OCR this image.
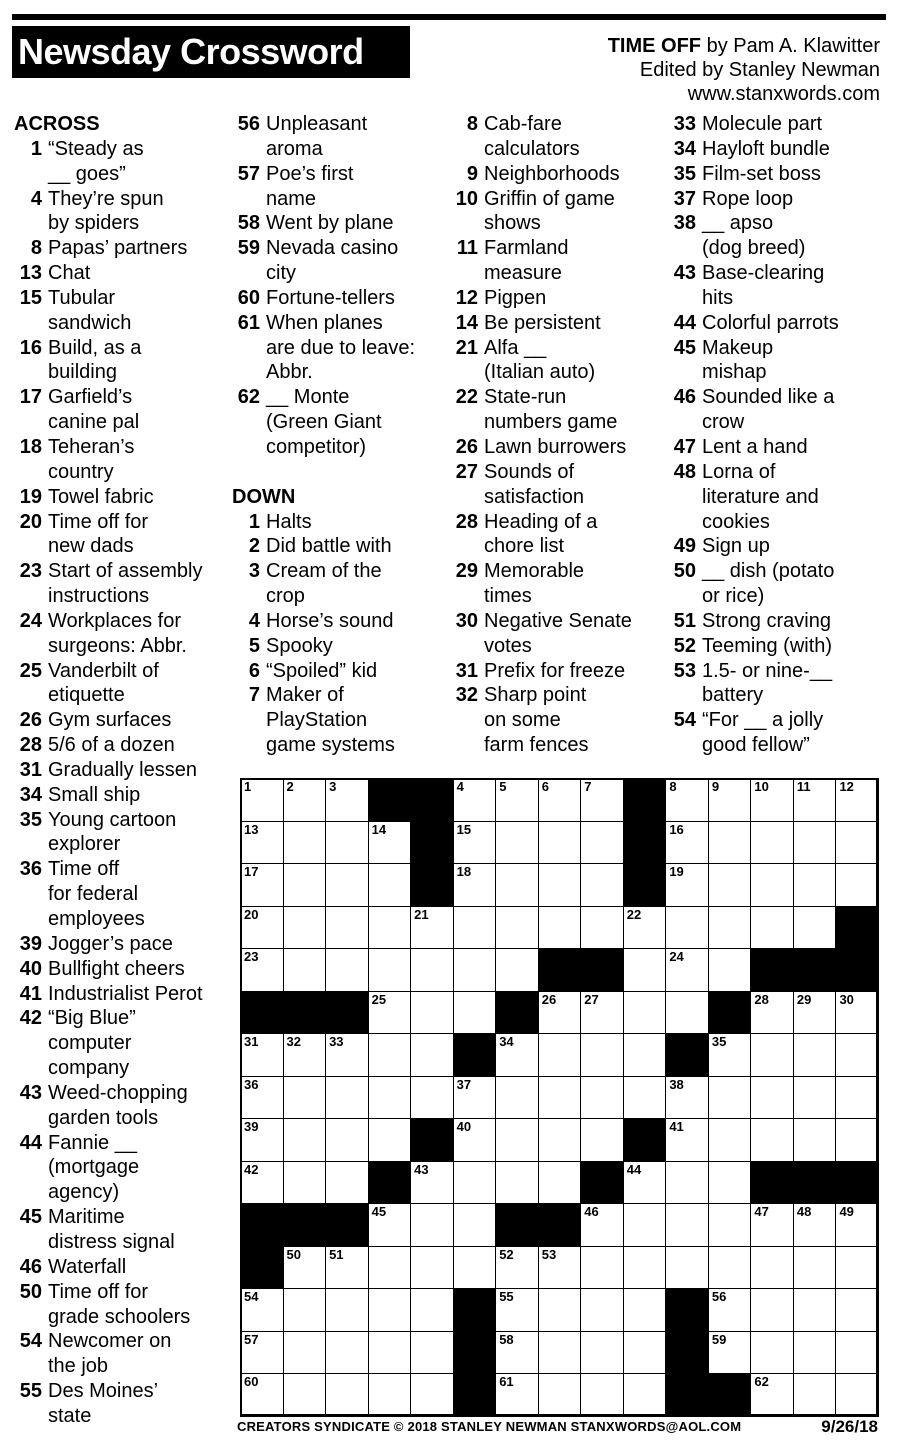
Newsday Crossword	TIME OFF by Pam A. Klawitter
Edited by Stanley Newman
www.stanxwords.com
ACROSS
1 “Steady as
__ goes”
4 They’re spun
by spiders
8 Papas’ partners
13 Chat
15 Tubular
sandwich
16 Build, as a
building
17 Garfield’s
canine pal
18 Teheran’s
country
19 Towel fabric
20 Time off for
new dads
23 Start of assembly
instructions
24 Workplaces for
surgeons: Abbr.
25 Vanderbilt of
etiquette
26 Gym surfaces
28 5/6 of a dozen
31 Gradually lessen
34 Small ship
35 Young cartoon
explorer
36 Time off
for federal
employees
39 Jogger’s pace
40 Bullfight cheers
41 Industrialist Perot
42 “Big Blue”
computer
company
43 Weed-chopping
garden tools
44 Fannie __
(mortgage
agency)
45 Maritime
distress signal
46 Waterfall
50 Time off for
grade schoolers
54 Newcomer on
the job
55 Des Moines’
state
56 Unpleasant
aroma
57 Poe’s first
name
58 Went by plane
59 Nevada casino
city
60 Fortune-tellers
61 When planes
are due to leave:
Abbr.
62 __ Monte
(Green Giant
competitor)
DOWN
1 Halts
2 Did battle with
3 Cream of the
crop
4 Horse’s sound
5 Spooky
6 “Spoiled” kid
7 Maker of
PlayStation
game systems
8 Cab-fare
calculators
9 Neighborhoods
10 Griffin of game
shows
11 Farmland
measure
12 Pigpen
14 Be persistent
21 Alfa __
(Italian auto)
22 State-run
numbers game
26 Lawn burrowers
27 Sounds of
satisfaction
28 Heading of a
chore list
29 Memorable
times
30 Negative Senate
votes
31 Prefix for freeze
32 Sharp point
on some
farm fences
33 Molecule part
34 Hayloft bundle
35 Film-set boss
37 Rope loop
38 __ apso
(dog breed)
43 Base-clearing
hits
44 Colorful parrots
45 Makeup
mishap
46 Sounded like a
crow
47 Lent a hand
48 Lorna of
literature and
cookies
49 Sign up
50 __ dish (potato
or rice)
51 Strong craving
52 Teeming (with)
53 1.5- or nine-__
battery
54 “For __ a jolly
good fellow”
1	2	3	4	5	6	7	8	9	10 11 12
13	14	15	16
17	18	19
20	21	22
23	24
25	26 27	28 29 30
31 32 33	34	35
36	37	38
39	40	41
42	43	44
45	46	47 48 49
50 51	52 53
54	55	56
57	58	59
60	61	62
CREATORS SYNDICATE © 2018 STANLEY NEWMAN STANXWORDS@AOL.COM	9/26/18
